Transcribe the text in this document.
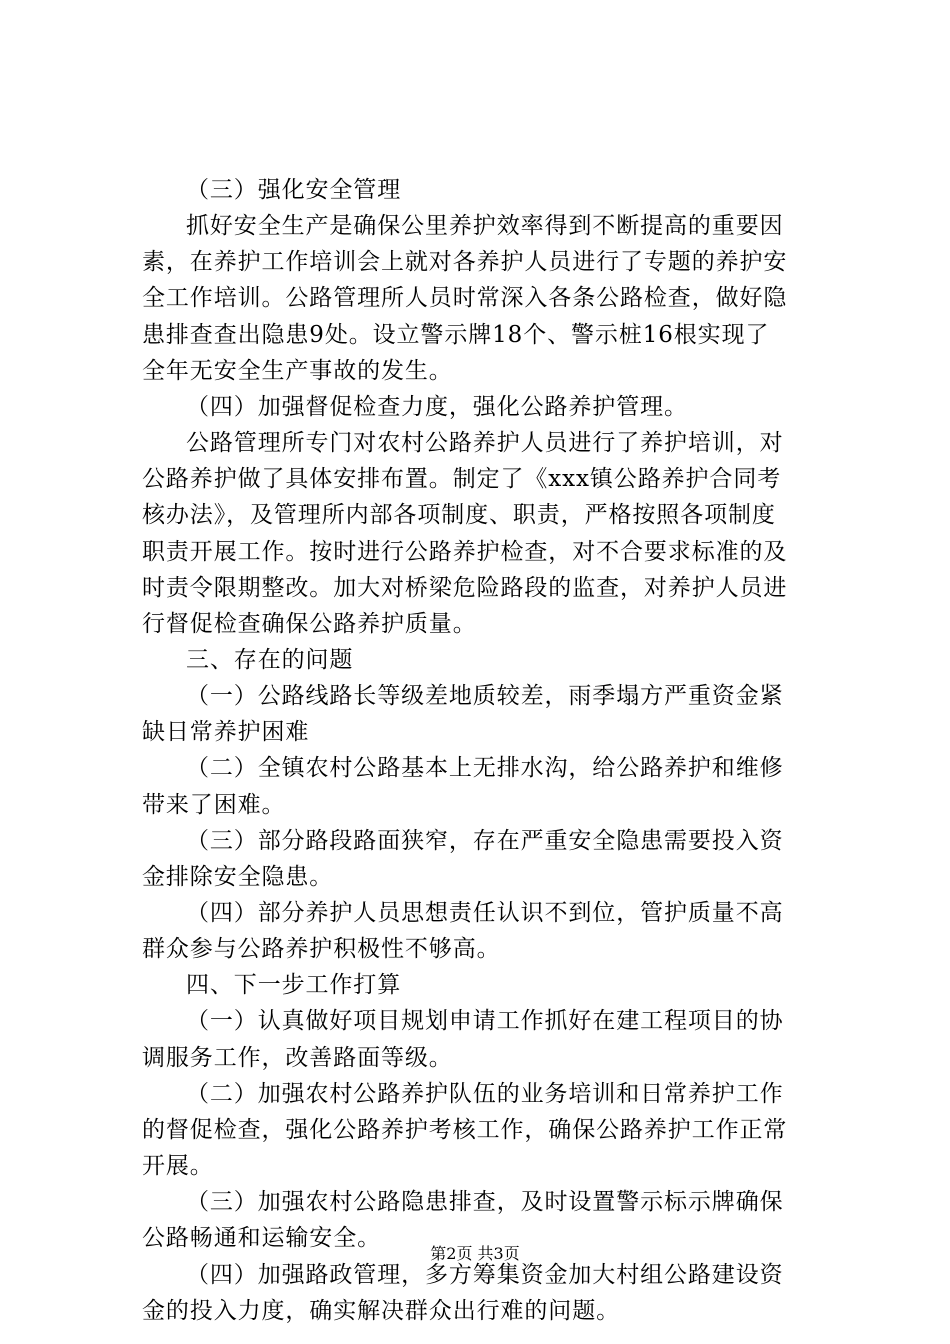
（三）强化安全管理
抓好安全生产是确保公里养护效率得到不断提高的重要因
素，在养护工作培训会上就对各养护人员进行了专题的养护安
全工作培训。公路管理所人员时常深入各条公路检查，做好隐
患排查查出隐患9处。设立警示牌18个、警示桩16根实现了
全年无安全生产事故的发生。
（四）加强督促检查力度，强化公路养护管理。
公路管理所专门对农村公路养护人员进行了养护培训，对
公路养护做了具体安排布置。制定了《xxx镇公路养护合同考
核办法》，及管理所内部各项制度、职责，严格按照各项制度
职责开展工作。按时进行公路养护检查，对不合要求标准的及
时责令限期整改。加大对桥梁危险路段的监查，对养护人员进
行督促检查确保公路养护质量。
三、存在的问题
（一）公路线路长等级差地质较差，雨季塌方严重资金紧
缺日常养护困难
（二）全镇农村公路基本上无排水沟，给公路养护和维修
带来了困难。
（三）部分路段路面狭窄，存在严重安全隐患需要投入资
金排除安全隐患。
（四）部分养护人员思想责任认识不到位，管护质量不高
群众参与公路养护积极性不够高。
四、下一步工作打算
（一）认真做好项目规划申请工作抓好在建工程项目的协
调服务工作，改善路面等级。
（二）加强农村公路养护队伍的业务培训和日常养护工作
的督促检查，强化公路养护考核工作，确保公路养护工作正常
开展。
（三）加强农村公路隐患排查，及时设置警示标示牌确保
公路畅通和运输安全。
（四）加强路政管理，多方筹集资金加大村组公路建设资
金的投入力度，确实解决群众出行难的问题。
第2页 共3页
